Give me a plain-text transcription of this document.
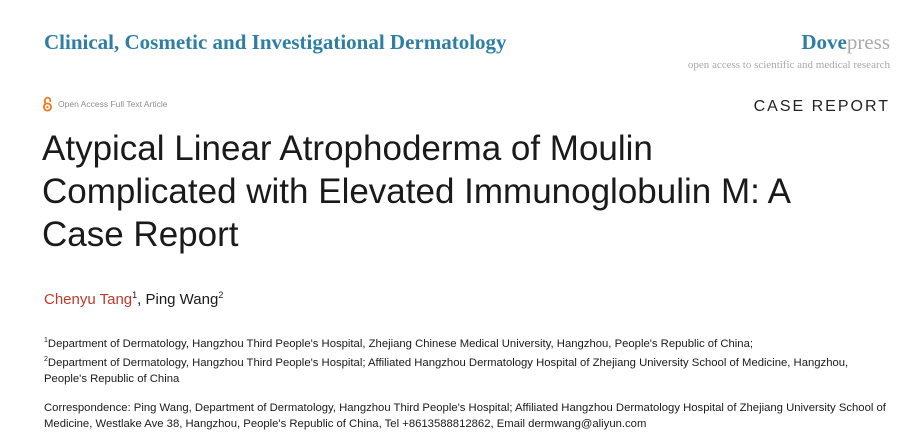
Clinical, Cosmetic and Investigational Dermatology	Dovepress
open access to scientific and medical research
Open Access Full Text Article	CASE REPORT
Atypical Linear Atrophoderma of Moulin Complicated with Elevated Immunoglobulin M: A Case Report
Chenyu Tang$^1$, Ping Wang$^2$

$^1$Department of Dermatology, Hangzhou Third People's Hospital, Zhejiang Chinese Medical University, Hangzhou, People's Republic of China;

$^2$Department of Dermatology, Hangzhou Third People's Hospital; Affiliated Hangzhou Dermatology Hospital of Zhejiang University School of Medicine, Hangzhou, People's Republic of China

Correspondence: Ping Wang, Department of Dermatology, Hangzhou Third People's Hospital; Affiliated Hangzhou Dermatology Hospital of Zhejiang University School of Medicine, Westlake Ave 38, Hangzhou, People's Republic of China, Tel +8613588812862, Email dermwang@aliyun.com
